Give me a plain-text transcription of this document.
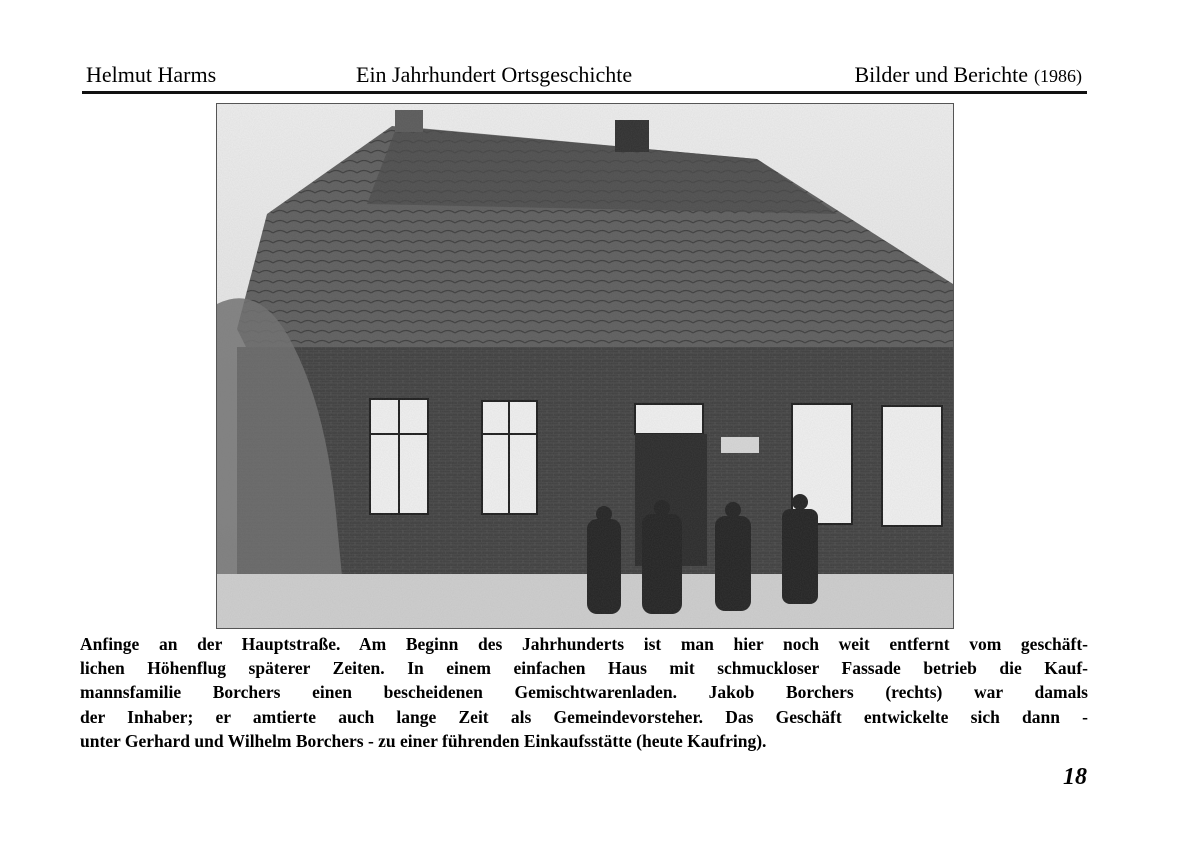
Helmut Harms	Ein Jahrhundert Ortsgeschichte	Bilder und Berichte (1986)
Anfinge an der Hauptstraße. Am Beginn des Jahrhunderts ist man hier noch weit entfernt vom geschäft-
lichen Höhenflug späterer Zeiten. In einem einfachen Haus mit schmuckloser Fassade betrieb die Kauf-
mannsfamilie Borchers einen bescheidenen Gemischtwarenladen. Jakob Borchers (rechts) war damals
der Inhaber; er amtierte auch lange Zeit als Gemeindevorsteher. Das Geschäft entwickelte sich dann -
unter Gerhard und Wilhelm Borchers - zu einer führenden Einkaufsstätte (heute Kaufring).
18
